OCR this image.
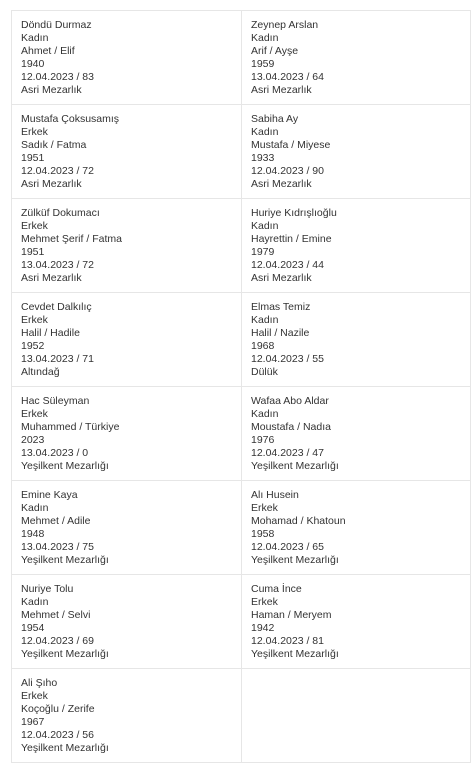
Döndü Durmaz
Kadın
Ahmet / Elif
1940
12.04.2023 / 83
Asri Mezarlık
Zeynep Arslan
Kadın
Arif / Ayşe
1959
13.04.2023 / 64
Asri Mezarlık
Mustafa Çoksusamış
Erkek
Sadık / Fatma
1951
12.04.2023 / 72
Asri Mezarlık
Sabiha Ay
Kadın
Mustafa / Miyese
1933
12.04.2023 / 90
Asri Mezarlık
Zülküf Dokumacı
Erkek
Mehmet Şerif / Fatma
1951
13.04.2023 / 72
Asri Mezarlık
Huriye Kıdrışlıoğlu
Kadın
Hayrettin / Emine
1979
12.04.2023 / 44
Asri Mezarlık
Cevdet Dalkılıç
Erkek
Halil / Hadile
1952
13.04.2023 / 71
Altındağ
Elmas Temiz
Kadın
Halil / Nazile
1968
12.04.2023 / 55
Dülük
Hac Süleyman
Erkek
Muhammed / Türkiye
2023
13.04.2023 / 0
Yeşilkent Mezarlığı
Wafaa Abo Aldar
Kadın
Moustafa / Nadıa
1976
12.04.2023 / 47
Yeşilkent Mezarlığı
Emine Kaya
Kadın
Mehmet / Adile
1948
13.04.2023 / 75
Yeşilkent Mezarlığı
Alı Husein
Erkek
Mohamad / Khatoun
1958
12.04.2023 / 65
Yeşilkent Mezarlığı
Nuriye Tolu
Kadın
Mehmet / Selvi
1954
12.04.2023 / 69
Yeşilkent Mezarlığı
Cuma İnce
Erkek
Haman / Meryem
1942
12.04.2023 / 81
Yeşilkent Mezarlığı
Ali Şıho
Erkek
Koçoğlu / Zerife
1967
12.04.2023 / 56
Yeşilkent Mezarlığı
